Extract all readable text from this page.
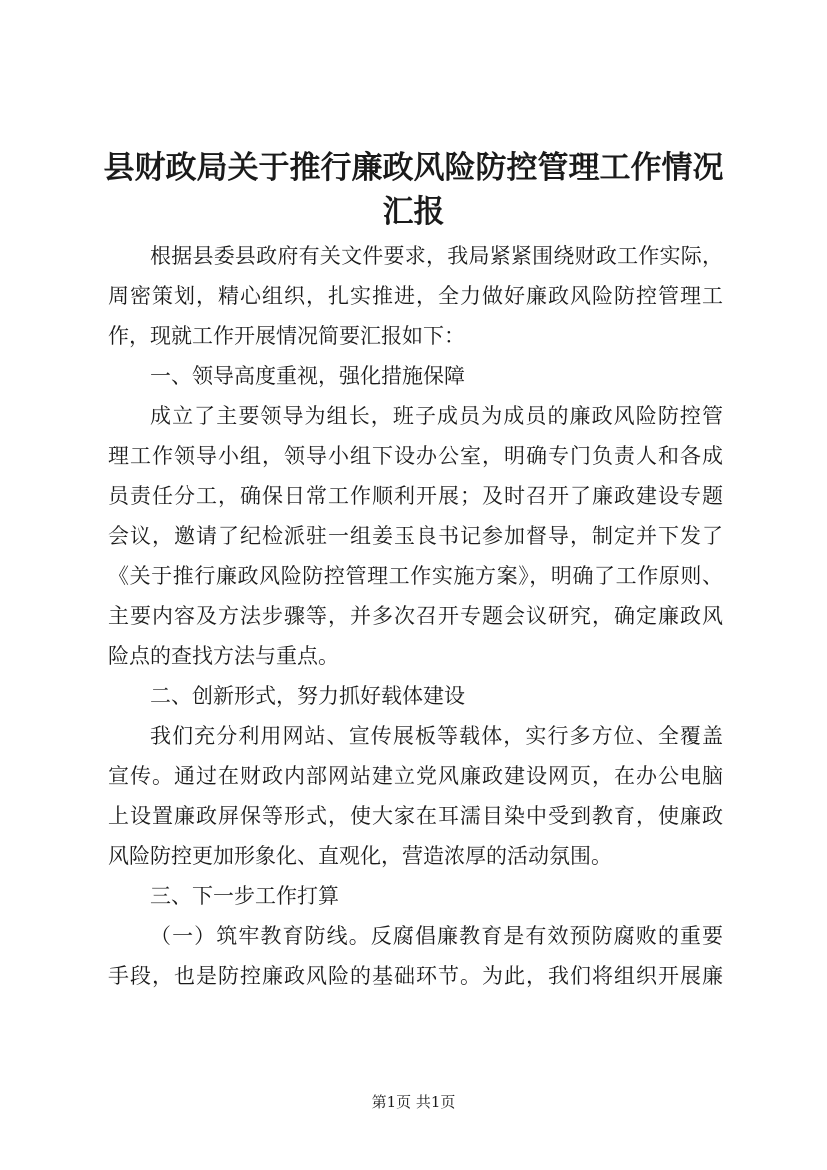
县财政局关于推行廉政风险防控管理工作情况
汇报
根据县委县政府有关文件要求，我局紧紧围绕财政工作实际，
周密策划，精心组织，扎实推进，全力做好廉政风险防控管理工
作，现就工作开展情况简要汇报如下：
一、领导高度重视，强化措施保障
成立了主要领导为组长，班子成员为成员的廉政风险防控管
理工作领导小组，领导小组下设办公室，明确专门负责人和各成
员责任分工，确保日常工作顺利开展；及时召开了廉政建设专题
会议，邀请了纪检派驻一组姜玉良书记参加督导，制定并下发了
《关于推行廉政风险防控管理工作实施方案》，明确了工作原则、
主要内容及方法步骤等，并多次召开专题会议研究，确定廉政风
险点的查找方法与重点。
二、创新形式，努力抓好载体建设
我们充分利用网站、宣传展板等载体，实行多方位、全覆盖
宣传。通过在财政内部网站建立党风廉政建设网页，在办公电脑
上设置廉政屏保等形式，使大家在耳濡目染中受到教育，使廉政
风险防控更加形象化、直观化，营造浓厚的活动氛围。
三、下一步工作打算
（一）筑牢教育防线。反腐倡廉教育是有效预防腐败的重要
手段，也是防控廉政风险的基础环节。为此，我们将组织开展廉
第1页 共1页
